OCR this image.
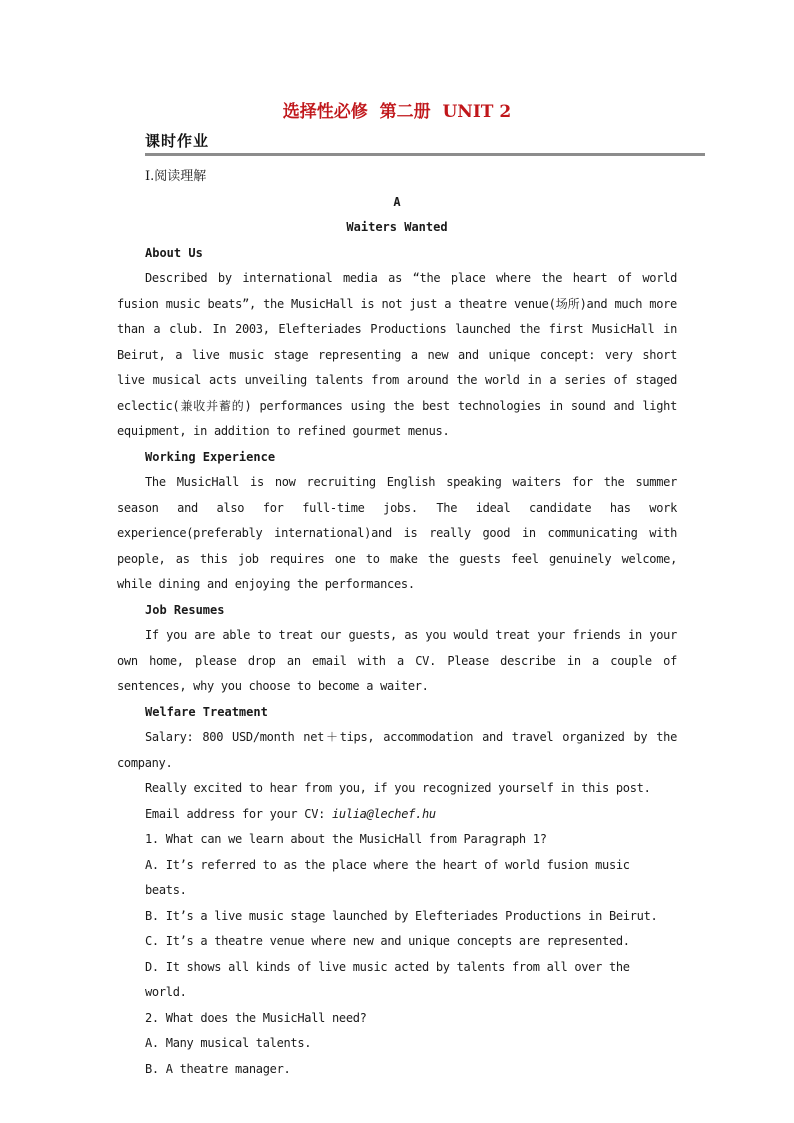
选择性必修  第二册  UNIT 2
课时作业

Ⅰ.阅读理解

A

Waiters Wanted

About Us

Described by international media as “the place where the heart of world fusion music beats”, the MusicHall is not just a theatre venue(场所)and much more than a club. In 2003, Elefteriades Productions launched the first MusicHall in Beirut, a live music stage representing a new and unique concept: very short live musical acts unveiling talents from around the world in a series of staged eclectic(兼收并蓄的) performances using the best technologies in sound and light equipment, in addition to refined gourmet menus.

Working Experience

The MusicHall is now recruiting English speaking waiters for the summer season and also for full-time jobs. The ideal candidate has work experience(preferably international)and is really good in communicating with people, as this job requires one to make the guests feel genuinely welcome, while dining and enjoying the performances.

Job Resumes

If you are able to treat our guests, as you would treat your friends in your own home, please drop an email with a CV. Please describe in a couple of sentences, why you choose to become a waiter.

Welfare Treatment

Salary: 800 USD/month net＋tips, accommodation and travel organized by the company.

Really excited to hear from you, if you recognized yourself in this post.

Email address for your CV: iulia@lechef.hu

1. What can we learn about the MusicHall from Paragraph 1?

A. It’s referred to as the place where the heart of world fusion music beats.

B. It’s a live music stage launched by Elefteriades Productions in Beirut.

C. It’s a theatre venue where new and unique concepts are represented.

D. It shows all kinds of live music acted by talents from all over the world.

2. What does the MusicHall need?

A. Many musical talents.

B. A theatre manager.
